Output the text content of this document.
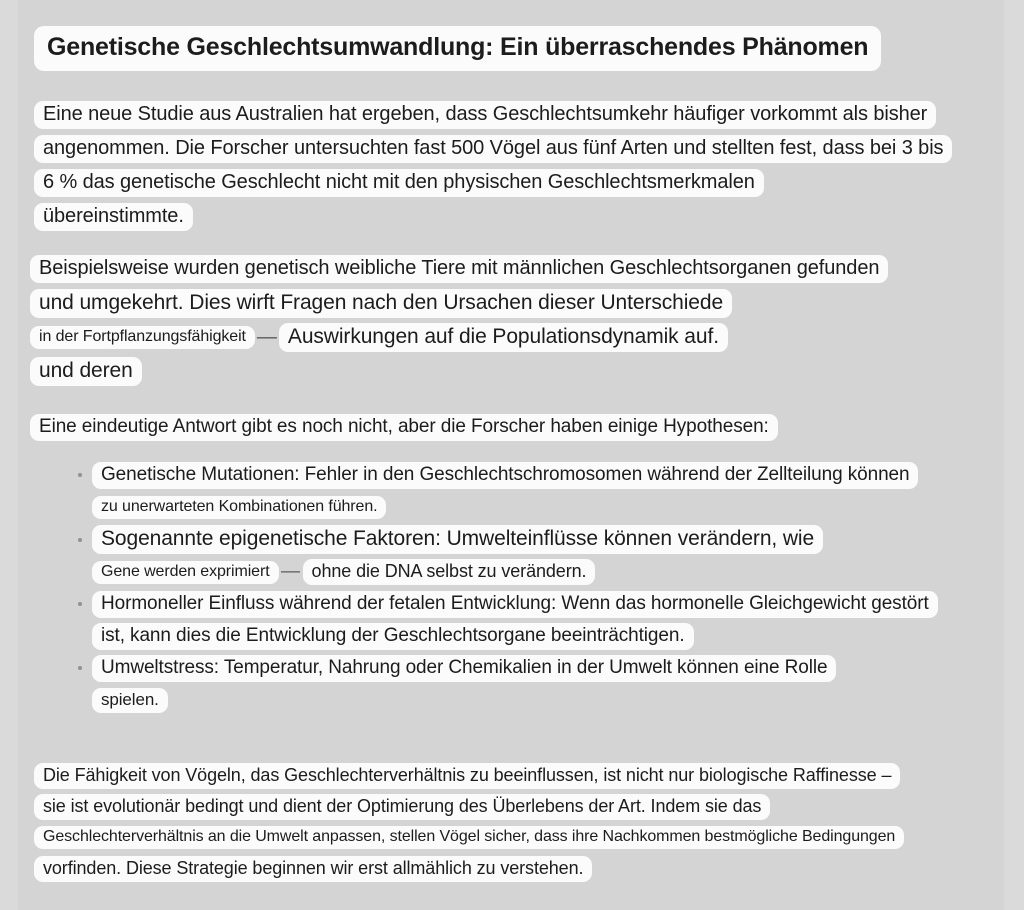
Genetische Geschlechtsumwandlung: Ein überraschendes Phänomen
Eine neue Studie aus Australien hat ergeben, dass Geschlechtsumkehr häufiger vorkommt als bisher
angenommen. Die Forscher untersuchten fast 500 Vögel aus fünf Arten und stellten fest, dass bei 3 bis
6 % das genetische Geschlecht nicht mit den physischen Geschlechtsmerkmalen
übereinstimmte.
Beispielsweise wurden genetisch weibliche Tiere mit männlichen Geschlechtsorganen gefunden
und umgekehrt. Dies wirft Fragen nach den Ursachen dieser Unterschiede
in der Fortpflanzungsfähigkeit — Auswirkungen auf die Populationsdynamik auf.
und deren
Eine eindeutige Antwort gibt es noch nicht, aber die Forscher haben einige Hypothesen:
Genetische Mutationen: Fehler in den Geschlechtschromosomen während der Zellteilung können
zu unerwarteten Kombinationen führen.
Sogenannte epigenetische Faktoren: Umwelteinflüsse können verändern, wie
Gene werden exprimiert — ohne die DNA selbst zu verändern.
Hormoneller Einfluss während der fetalen Entwicklung: Wenn das hormonelle Gleichgewicht gestört
ist, kann dies die Entwicklung der Geschlechtsorgane beeinträchtigen.
Umweltstress: Temperatur, Nahrung oder Chemikalien in der Umwelt können eine Rolle
spielen.
Die Fähigkeit von Vögeln, das Geschlechterverhältnis zu beeinflussen, ist nicht nur biologische Raffinesse –
sie ist evolutionär bedingt und dient der Optimierung des Überlebens der Art. Indem sie das
Geschlechterverhältnis an die Umwelt anpassen, stellen Vögel sicher, dass ihre Nachkommen bestmögliche Bedingungen
vorfinden. Diese Strategie beginnen wir erst allmählich zu verstehen.
